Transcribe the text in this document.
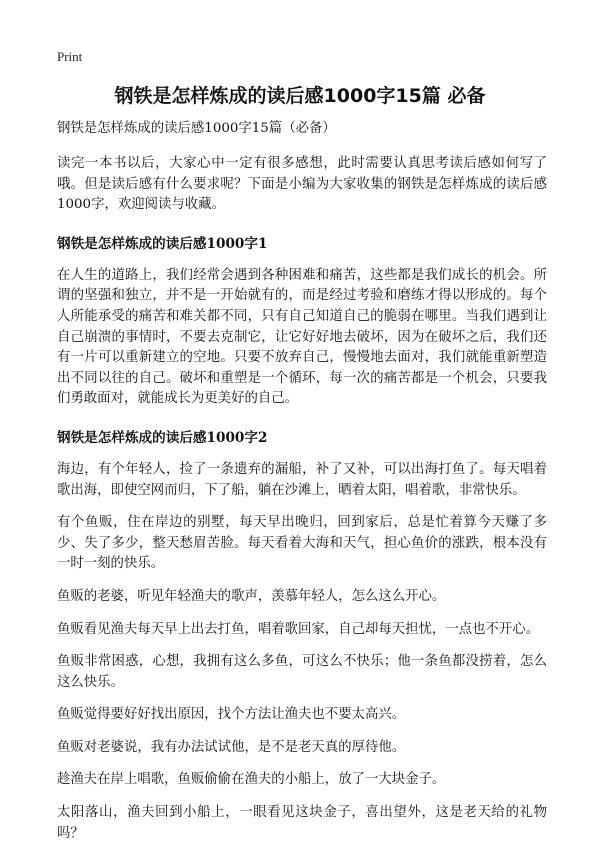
Print
钢铁是怎样炼成的读后感1000字15篇 必备
钢铁是怎样炼成的读后感1000字15篇（必备）

读完一本书以后，大家心中一定有很多感想，此时需要认真思考读后感如何写了哦。但是读后感有什么要求呢？下面是小编为大家收集的钢铁是怎样炼成的读后感1000字，欢迎阅读与收藏。

钢铁是怎样炼成的读后感1000字1

在人生的道路上，我们经常会遇到各种困难和痛苦，这些都是我们成长的机会。所谓的坚强和独立，并不是一开始就有的，而是经过考验和磨练才得以形成的。每个人所能承受的痛苦和难关都不同，只有自己知道自己的脆弱在哪里。当我们遇到让自己崩溃的事情时，不要去克制它，让它好好地去破坏，因为在破坏之后，我们还有一片可以重新建立的空地。只要不放弃自己，慢慢地去面对，我们就能重新塑造出不同以往的自己。破坏和重塑是一个循环，每一次的痛苦都是一个机会，只要我们勇敢面对，就能成长为更美好的自己。

钢铁是怎样炼成的读后感1000字2

海边，有个年轻人，捡了一条遗弃的漏船，补了又补，可以出海打鱼了。每天唱着歌出海，即使空网而归，下了船，躺在沙滩上，晒着太阳，唱着歌，非常快乐。

有个鱼贩，住在岸边的别墅，每天早出晚归，回到家后，总是忙着算今天赚了多少、失了多少，整天愁眉苦脸。每天看着大海和天气，担心鱼价的涨跌，根本没有一时一刻的快乐。

鱼贩的老婆，听见年轻渔夫的歌声，羡慕年轻人，怎么这么开心。

鱼贩看见渔夫每天早上出去打鱼，唱着歌回家，自己却每天担忧，一点也不开心。

鱼贩非常困惑，心想，我拥有这么多鱼，可这么不快乐；他一条鱼都没捞着，怎么这么快乐。

鱼贩觉得要好好找出原因，找个方法让渔夫也不要太高兴。

鱼贩对老婆说，我有办法试试他，是不是老天真的厚待他。

趁渔夫在岸上唱歌，鱼贩偷偷在渔夫的小船上，放了一大块金子。

太阳落山，渔夫回到小船上，一眼看见这块金子，喜出望外，这是老天给的礼物吗？
